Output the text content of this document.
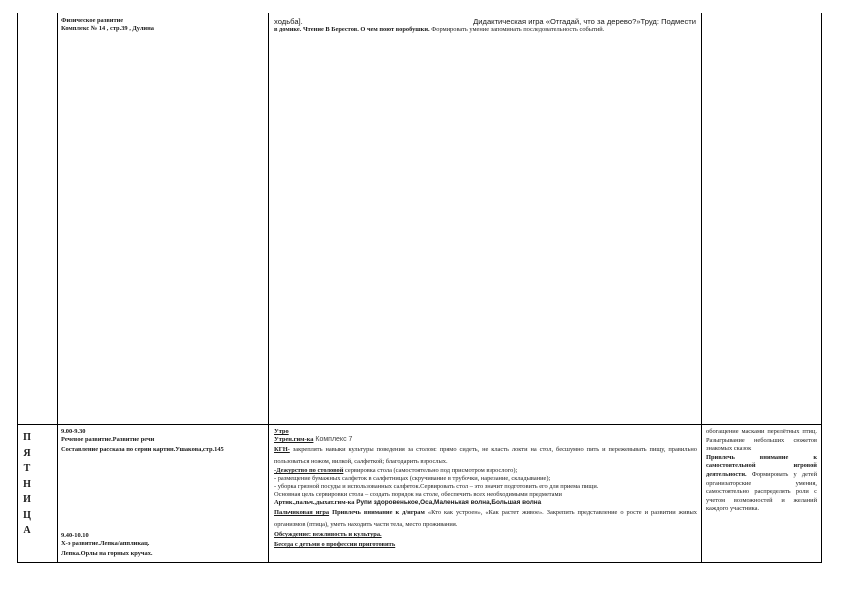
Физическое развитие
Комплекс № 14 , стр.39 , Дулина
ходьба].	Дидактическая игра «Отгадай, что за дерево?»Труд: Подмести
в домике. Чтение В Берестов. О чем поют воробушки. Формировать умение запоминать последовательность событий.
П
Я
Т
Н
И
Ц
А
9.00-9.30
Речевое развитие.Развитие речи
Составление рассказа по серии картин.Ушакова,стр.145
9.40-10.10
Х-э развитие.Лепка/аппликац.
Лепка.Орлы на горных кручах.
Утро
Утрен.гим-ка Комплекс 7
КГН- закреплять навыки культуры поведения за столом: прямо сидеть, не класть локти на стол, бесшумно пить и пережевывать пищу, правильно пользоваться ножом, вилкой, салфеткой; благодарить взрослых.
-Дежурство по столовой сервировка стола (самостоятельно под присмотром взрослого);
- размещение бумажных салфеток в салфетницах (скручивание в трубочки, нарезание, складывание);
- уборка грязной посуды и использованных салфеток.Сервировать стол – это значит подготовить его для приема пищи.
Основная цель сервировки стола – создать порядок на столе, обеспечить всех необходимыми предметами
Артик.,пальч.,дыхат.гим-ка Рупи здоровенькое,Оса,Маленькая волна,Большая волна
Пальчиковая игра Привлечь внимание к д/играм «Кто как устроен», «Как растет живое». Закрепить представление о росте и развитии живых организмов (птица), уметь находить части тела, место проживания.
Обсуждение: вежливость и культура.
Беседа с детьми о профессии приготовить
обогащение масками перелётных птиц. Разыгрывание небольших сюжетов знакомых сказок
Привлечь внимание к самостоятельной игровой деятельности. Формировать у детей организаторские умения, самостоятельно распределять роли с учетом возможностей и желаний каждого участника.
